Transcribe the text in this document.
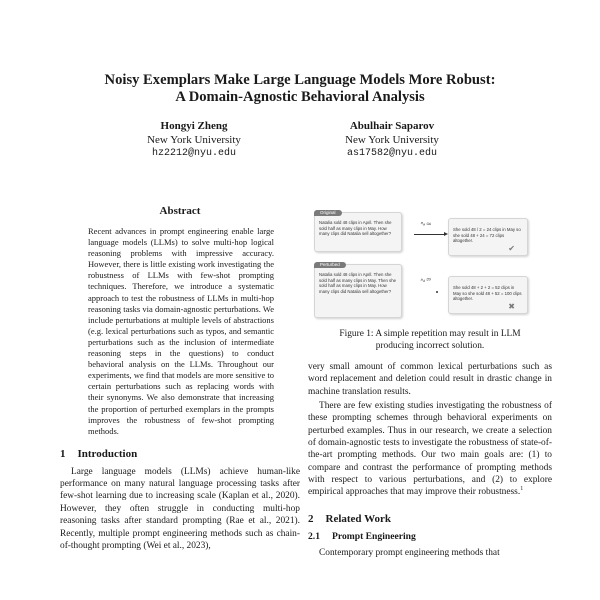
Noisy Exemplars Make Large Language Models More Robust:
A Domain-Agnostic Behavioral Analysis
Hongyi Zheng
New York University
hz2212@nyu.edu
Abulhair Saparov
New York University
as17582@nyu.edu
Abstract
Recent advances in prompt engineering enable large language models (LLMs) to solve multi-hop logical reasoning problems with impressive accuracy. However, there is little existing work investigating the robustness of LLMs with few-shot prompting techniques. Therefore, we introduce a systematic approach to test the robustness of LLMs in multi-hop reasoning tasks via domain-agnostic perturbations. We include perturbations at multiple levels of abstractions (e.g. lexical perturbations such as typos, and semantic perturbations such as the inclusion of intermediate reasoning steps in the questions) to conduct behavioral analysis on the LLMs. Throughout our experiments, we find that models are more sensitive to certain perturbations such as replacing words with their synonyms. We also demonstrate that increasing the proportion of perturbed exemplars in the prompts improves the robustness of few-shot prompting methods.
1 Introduction
Large language models (LLMs) achieve human-like performance on many natural language processing tasks after few-shot learning due to increasing scale (Kaplan et al., 2020). However, they often struggle in conducting multi-hop reasoning tasks after standard prompting (Rae et al., 2021). Recently, multiple prompt engineering methods such as chain-of-thought prompting (Wei et al., 2023),
Original
Natalia sold 48 clips in April. Then she sold half as many clips in May. How many clips did Natalia sell altogether?
∿≈
She sold 48 / 2 = 24 clips in May so she sold 48 + 24 = 72 clips altogether.
✔
Perturbed
Natalia sold 48 clips in April. Then she sold half as many clips in May. Then she sold half as many clips in May. How many clips did Natalia sell altogether?
∿≈
She sold 48 + 2 + 2 = 52 clips in May so she sold 48 + 52 = 100 clips altogether.
✖
Figure 1: A simple repetition may result in LLM producing incorrect solution.
very small amount of common lexical perturbations such as word replacement and deletion could result in drastic change in machine translation results.
There are few existing studies investigating the robustness of these prompting schemes through behavioral experiments on perturbed examples. Thus in our research, we create a selection of domain-agnostic tests to investigate the robustness of state-of-the-art prompting methods. Our two main goals are: (1) to compare and contrast the performance of prompting methods with respect to various perturbations, and (2) to explore empirical approaches that may improve their robustness.$^1$
2 Related Work
2.1 Prompt Engineering
Contemporary prompt engineering methods that
